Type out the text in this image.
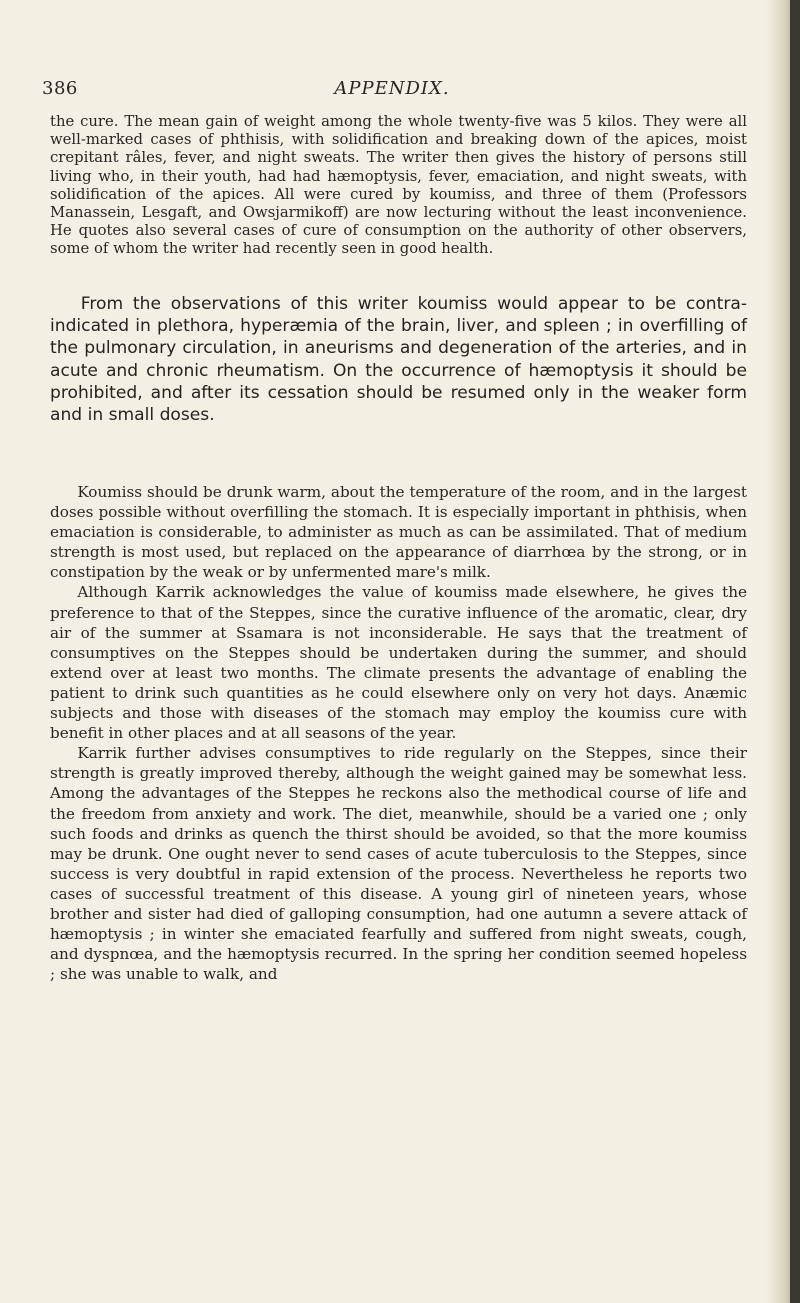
386	APPENDIX.

the cure. The mean gain of weight among the whole twenty-five was 5 kilos. They were all well-marked cases of phthisis, with solidification and breaking down of the apices, moist crepitant râles, fever, and night sweats. The writer then gives the history of persons still living who, in their youth, had had hæmoptysis, fever, emaciation, and night sweats, with solidification of the apices. All were cured by koumiss, and three of them (Professors Manassein, Lesgaft, and Owsjarmikoff) are now lecturing without the least inconvenience. He quotes also several cases of cure of consumption on the authority of other observers, some of whom the writer had recently seen in good health.

From the observations of this writer koumiss would appear to be contra-indicated in plethora, hyperæmia of the brain, liver, and spleen ; in overfilling of the pulmonary circulation, in aneurisms and degeneration of the arteries, and in acute and chronic rheumatism. On the occurrence of hæmoptysis it should be prohibited, and after its cessation should be resumed only in the weaker form and in small doses.

Koumiss should be drunk warm, about the temperature of the room, and in the largest doses possible without overfilling the stomach. It is especially important in phthisis, when emaciation is considerable, to administer as much as can be assimilated. That of medium strength is most used, but replaced on the appearance of diarrhœa by the strong, or in constipation by the weak or by unfermented mare's milk.

Although Karrik acknowledges the value of koumiss made elsewhere, he gives the preference to that of the Steppes, since the curative influence of the aromatic, clear, dry air of the summer at Ssamara is not inconsiderable. He says that the treatment of consumptives on the Steppes should be undertaken during the summer, and should extend over at least two months. The climate presents the advantage of enabling the patient to drink such quantities as he could elsewhere only on very hot days. Anæmic subjects and those with diseases of the stomach may employ the koumiss cure with benefit in other places and at all seasons of the year.

Karrik further advises consumptives to ride regularly on the Steppes, since their strength is greatly improved thereby, although the weight gained may be somewhat less. Among the advantages of the Steppes he reckons also the methodical course of life and the freedom from anxiety and work. The diet, meanwhile, should be a varied one ; only such foods and drinks as quench the thirst should be avoided, so that the more koumiss may be drunk. One ought never to send cases of acute tuberculosis to the Steppes, since success is very doubtful in rapid extension of the process. Nevertheless he reports two cases of successful treatment of this disease. A young girl of nineteen years, whose brother and sister had died of galloping consumption, had one autumn a severe attack of hæmoptysis ; in winter she emaciated fearfully and suffered from night sweats, cough, and dyspnœa, and the hæmoptysis recurred. In the spring her condition seemed hopeless ; she was unable to walk, and
